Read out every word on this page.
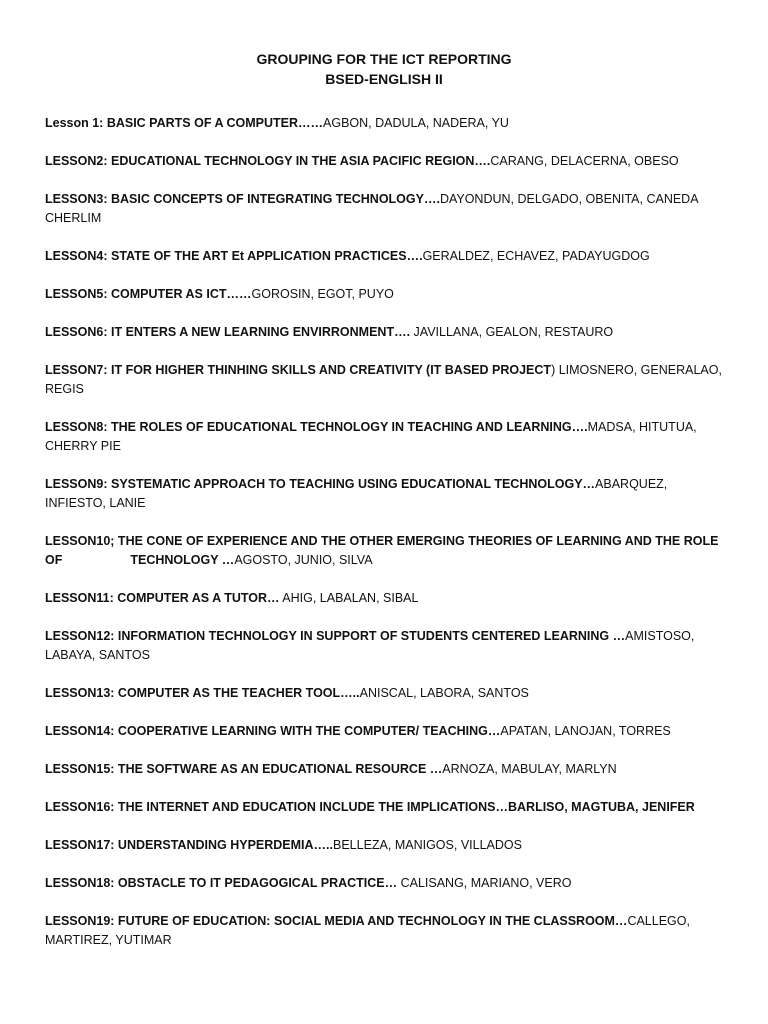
GROUPING FOR THE ICT REPORTING
BSED-ENGLISH II

Lesson 1: BASIC PARTS OF A COMPUTER……AGBON, DADULA, NADERA, YU

LESSON2: EDUCATIONAL TECHNOLOGY IN THE ASIA PACIFIC REGION….CARANG, DELACERNA, OBESO

LESSON3: BASIC CONCEPTS OF INTEGRATING TECHNOLOGY….DAYONDUN, DELGADO, OBENITA, CANEDA CHERLIM

LESSON4: STATE OF THE ART Et APPLICATION PRACTICES….GERALDEZ, ECHAVEZ, PADAYUGDOG

LESSON5: COMPUTER AS ICT……GOROSIN, EGOT, PUYO

LESSON6: IT ENTERS A NEW LEARNING ENVIRRONMENT…. JAVILLANA, GEALON, RESTAURO

LESSON7: IT FOR HIGHER THINHING SKILLS AND CREATIVITY (IT BASED PROJECT) LIMOSNERO, GENERALAO, REGIS

LESSON8: THE ROLES OF EDUCATIONAL TECHNOLOGY IN TEACHING AND LEARNING….MADSA, HITUTUA, CHERRY PIE

LESSON9: SYSTEMATIC APPROACH TO TEACHING USING EDUCATIONAL TECHNOLOGY…ABARQUEZ, INFIESTO, LANIE

LESSON10; THE CONE OF EXPERIENCE AND THE OTHER EMERGING THEORIES OF LEARNING AND THE ROLE
OF	TECHNOLOGY …AGOSTO, JUNIO, SILVA

LESSON11: COMPUTER AS A TUTOR… AHIG, LABALAN, SIBAL

LESSON12: INFORMATION TECHNOLOGY IN SUPPORT OF STUDENTS CENTERED LEARNING …AMISTOSO, LABAYA, SANTOS

LESSON13: COMPUTER AS THE TEACHER TOOL…..ANISCAL, LABORA, SANTOS

LESSON14: COOPERATIVE LEARNING WITH THE COMPUTER/ TEACHING…APATAN, LANOJAN, TORRES

LESSON15: THE SOFTWARE AS AN EDUCATIONAL RESOURCE …ARNOZA, MABULAY, MARLYN

LESSON16: THE INTERNET AND EDUCATION INCLUDE THE IMPLICATIONS…BARLISO, MAGTUBA, JENIFER

LESSON17: UNDERSTANDING HYPERDEMIA…..BELLEZA, MANIGOS, VILLADOS

LESSON18: OBSTACLE TO IT PEDAGOGICAL PRACTICE… CALISANG, MARIANO, VERO

LESSON19: FUTURE OF EDUCATION: SOCIAL MEDIA AND TECHNOLOGY IN THE CLASSROOM…CALLEGO, MARTIREZ, YUTIMAR
